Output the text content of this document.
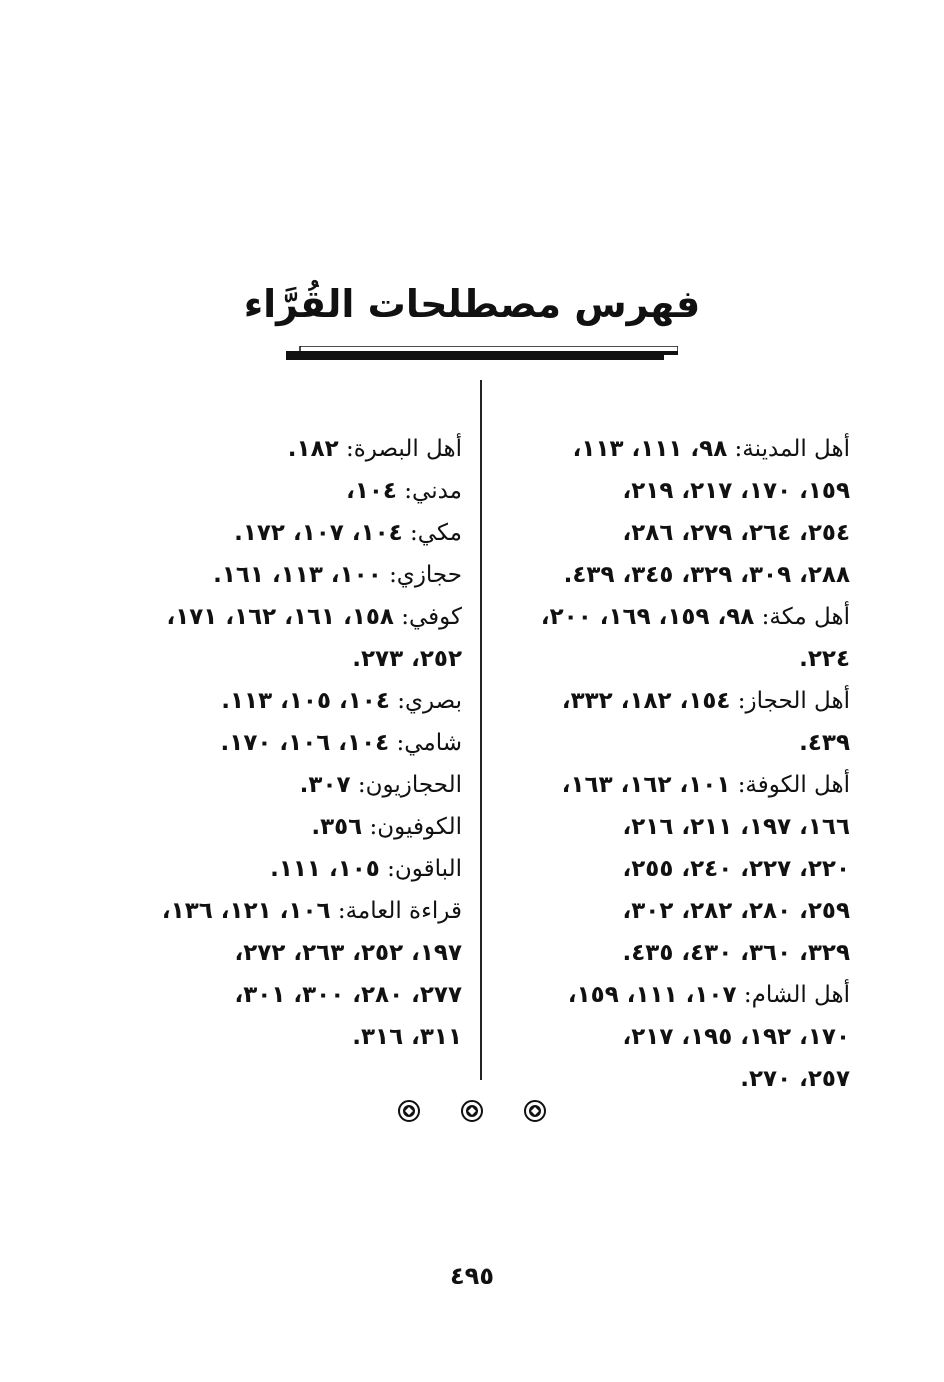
فهرس مصطلحات القُرَّاء
أهل المدينة: ٩٨، ١١١، ١١٣،
١٥٩، ١٧٠، ٢١٧، ٢١٩،
٢٥٤، ٢٦٤، ٢٧٩، ٢٨٦،
٢٨٨، ٣٠٩، ٣٢٩، ٣٤٥، ٤٣٩.
أهل مكة: ٩٨، ١٥٩، ١٦٩، ٢٠٠،
٢٢٤.
أهل الحجاز: ١٥٤، ١٨٢، ٣٣٢،
٤٣٩.
أهل الكوفة: ١٠١، ١٦٢، ١٦٣،
١٦٦، ١٩٧، ٢١١، ٢١٦،
٢٢٠، ٢٢٧، ٢٤٠، ٢٥٥،
٢٥٩، ٢٨٠، ٢٨٢، ٣٠٢،
٣٢٩، ٣٦٠، ٤٣٠، ٤٣٥.
أهل الشام: ١٠٧، ١١١، ١٥٩،
١٧٠، ١٩٢، ١٩٥، ٢١٧،
٢٥٧، ٢٧٠.
أهل البصرة: ١٨٢.
مدني: ١٠٤،
مكي: ١٠٤، ١٠٧، ١٧٢.
حجازي: ١٠٠، ١١٣، ١٦١.
كوفي: ١٥٨، ١٦١، ١٦٢، ١٧١،
٢٥٢، ٢٧٣.
بصري: ١٠٤، ١٠٥، ١١٣.
شامي: ١٠٤، ١٠٦، ١٧٠.
الحجازيون: ٣٠٧.
الكوفيون: ٣٥٦.
الباقون: ١٠٥، ١١١.
قراءة العامة: ١٠٦، ١٢١، ١٣٦،
١٩٧، ٢٥٢، ٢٦٣، ٢٧٢،
٢٧٧، ٢٨٠، ٣٠٠، ٣٠١،
٣١١، ٣١٦.

٤٩٥
